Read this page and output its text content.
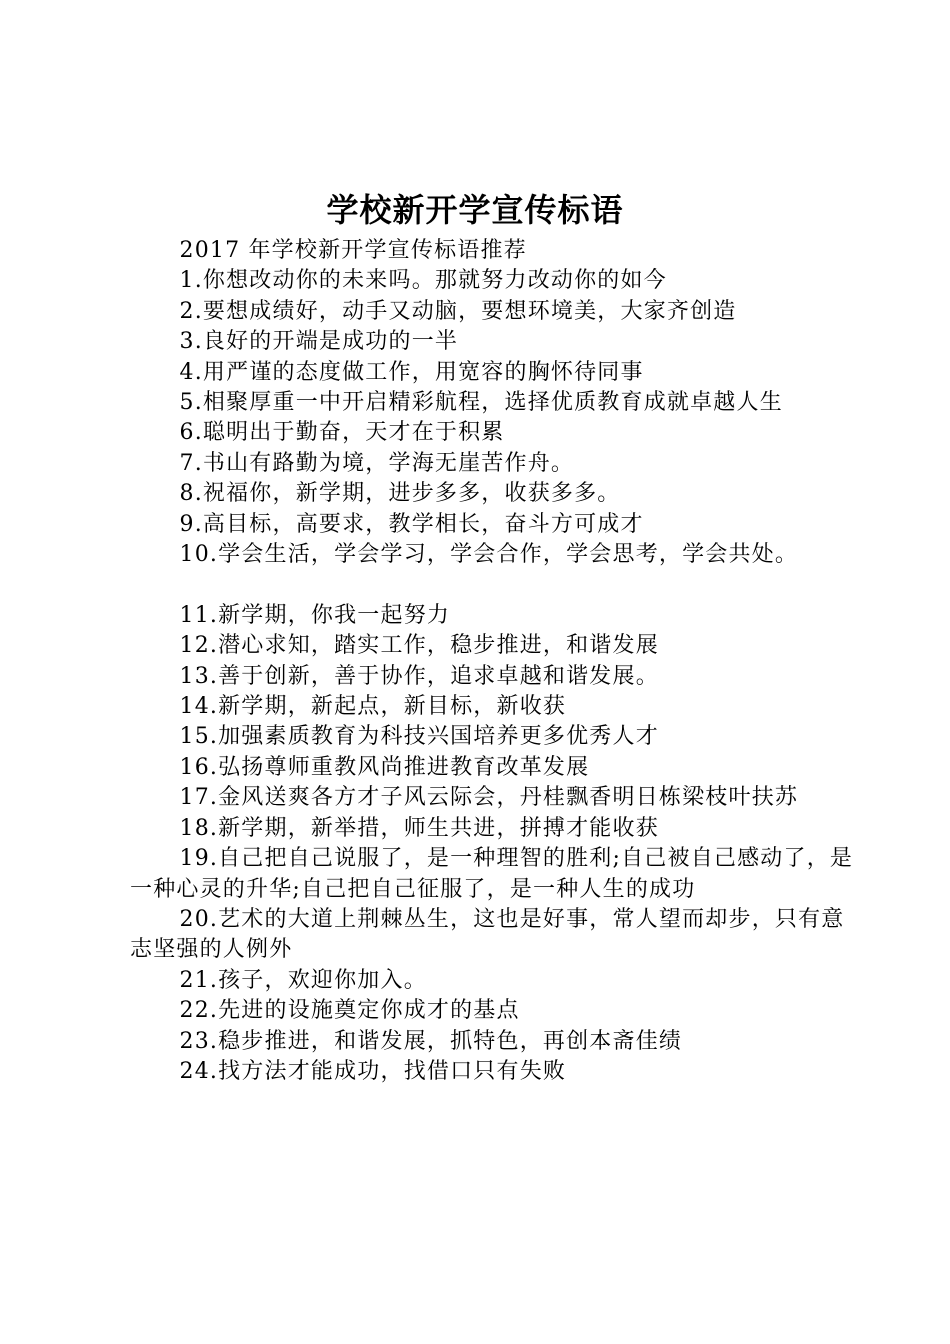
学校新开学宣传标语

2017 年学校新开学宣传标语推荐

1.你想改动你的未来吗。那就努力改动你的如今

2.要想成绩好，动手又动脑，要想环境美，大家齐创造

3.良好的开端是成功的一半

4.用严谨的态度做工作，用宽容的胸怀待同事

5.相聚厚重一中开启精彩航程，选择优质教育成就卓越人生

6.聪明出于勤奋，天才在于积累

7.书山有路勤为境，学海无崖苦作舟。

8.祝福你，新学期，进步多多，收获多多。

9.高目标，高要求，教学相长，奋斗方可成才

10.学会生活，学会学习，学会合作，学会思考，学会共处。

11.新学期，你我一起努力

12.潜心求知，踏实工作，稳步推进，和谐发展

13.善于创新，善于协作，追求卓越和谐发展。

14.新学期，新起点，新目标，新收获

15.加强素质教育为科技兴国培养更多优秀人才

16.弘扬尊师重教风尚推进教育改革发展

17.金风送爽各方才子风云际会，丹桂飘香明日栋梁枝叶扶苏

18.新学期，新举措，师生共进，拼搏才能收获

19.自己把自己说服了，是一种理智的胜利;自己被自己感动了，是一种心灵的升华;自己把自己征服了，是一种人生的成功

20.艺术的大道上荆棘丛生，这也是好事，常人望而却步，只有意志坚强的人例外

21.孩子，欢迎你加入。

22.先进的设施奠定你成才的基点

23.稳步推进，和谐发展，抓特色，再创本斋佳绩

24.找方法才能成功，找借口只有失败
